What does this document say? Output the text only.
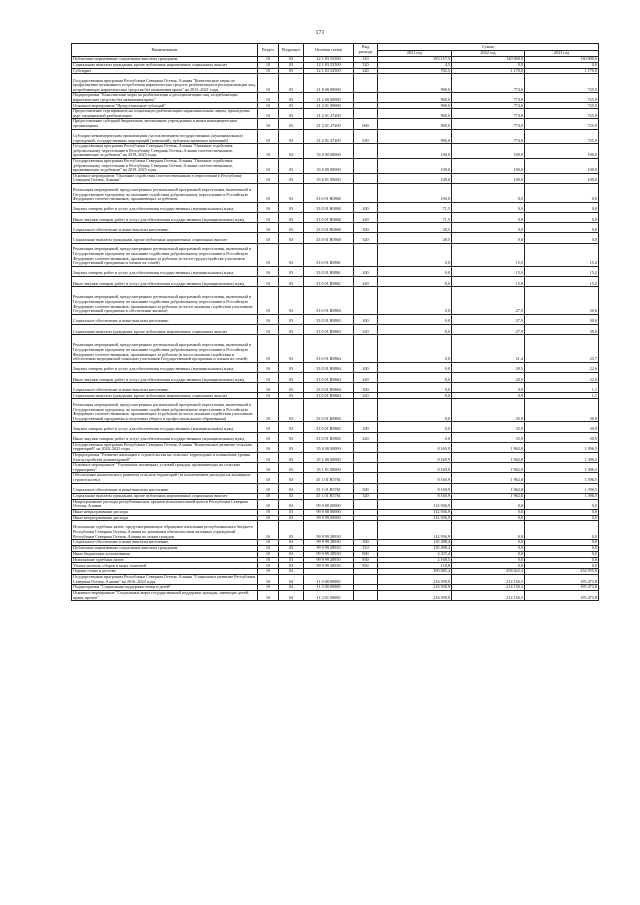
171
Наименование	Раздел	Подраздел	Целевая статья	Вид расхода	Сумма		
					2021 год	2022 год	2023 год
Публичные нормативные социальные выплаты гражданам	10	03	12 1 03 52500	310	183 157,3	140 000,0	130 000,0
Социальные выплаты гражданам, кроме публичных нормативных социальных выплат	10	03	12 1 03 52500	320	4,5	0,0	0,0
Субсидии	10	03	12 1 03 52500	240	702,5	1 170,0	1 170,0
Государственная программа Республики Северная Осетия–Алания "Комплексные меры по профилактике незаконного потребления наркотических средств, реабилитации и ресоциализации лиц, потребляющих наркотические средства без назначения врача" на 2015–2021 годы	10	03	21 0 00 00000		900,0	774,0	725,9
Подпрограмма "Комплексные меры по реабилитации и ресоциализации лиц, потребляющих наркотические средства без назначения врача"	10	03	21 2 00 00000		900,0	774,0	725,9
Основное мероприятие "Предоставление субсидий"	10	03	21 2 01 00000		900,0	774,0	725,9
Предоставление сертификатов на социальную реабилитацию наркозависимым лицам, прошедшим курс медицинской реабилитации	10	03	21 2 01 27200		900,0	774,0	725,9
Предоставление субсидий бюджетным, автономным учреждениям и иным некоммерческим организациям	10	03	21 2 01 27200	600	900,0	774,0	725,9
Субсидии некоммерческим организациям (за исключением государственных (муниципальных) учреждений, государственных корпораций (компаний), публично-правовых компаний)	10	03	21 2 01 27200	630	900,0	774,0	725,9
Государственная программа Республики Северная Осетия–Алания "Оказание содействия добровольному переселению в Республику Северная Осетия–Алания соотечественников, проживающих за рубежом" на 2019–2025 годы	10	03	33 0 00 00000		100,0	100,0	100,0
Государственная программа Республики Северная Осетия–Алания "Оказание содействия добровольному переселению в Республику Северная Осетия–Алания соотечественников, проживающих за рубежом" на 2019–2025 годы	10	03	33 0 00 00000		100,0	100,0	100,0
Основное мероприятие "Оказание содействия соотечественникам в переселении в Республику Северная Осетия–Алания"	10	03	33 0 01 00000		100,0	100,0	100,0
Реализация мероприятий, предусмотренных региональной программой переселения, включенной в Государственную программу по оказанию содействия добровольному переселению в Российскую Федерацию соотечественников, проживающих за рубежом	10	03	33 0 01 R0860		100,0	0,0	0,0
Закупка товаров, работ и услуг для обеспечения государственных (муниципальных) нужд	10	03	33 0 01 R0860	200	71,5	0,0	0,0
Иные закупки товаров, работ и услуг для обеспечения государственных (муниципальных) нужд	10	03	33 0 01 R0860	240	71,5	0,0	0,0
Социальное обеспечение и иные выплаты населению	10	03	33 0 01 R0860	300	28,5	0,0	0,0
Социальные выплаты гражданам, кроме публичных нормативных социальных выплат	10	03	33 0 01 R0860	320	28,5	0,0	0,0
Реализация мероприятий, предусмотренных региональной программой переселения, включенной в Государственную программу по оказанию содействия добровольному переселению в Российскую Федерацию соотечественников, проживающих за рубежом (в части трудоустройства участников Государственной программы и членов их семей)	10	03	33 0 01 R8861		0,0	15,0	15,2
Закупка товаров, работ и услуг для обеспечения государственных (муниципальных) нужд	10	03	33 0 01 R8861	200	0,0	15,0	15,2
Иные закупки товаров, работ и услуг для обеспечения государственных (муниципальных) нужд	10	03	33 0 01 R8861	240	0,0	15,0	15,2
Реализация мероприятий, предусмотренных региональной программой переселения, включенной в Государственную программу по оказанию содействия добровольному переселению в Российскую Федерацию соотечественников, проживающих за рубежом (в части оказания содействия участникам Государственной программы в обеспечении жильем)	10	03	33 0 01 R8863		0,0	27,9	30,6
Социальное обеспечение и иные выплаты населению	10	03	33 0 01 R8863	300	0,0	27,9	30,6
Социальные выплаты гражданам, кроме публичных нормативных социальных выплат	10	03	33 0 01 R8863	320	0,0	27,9	30,6
Реализация мероприятий, предусмотренных региональной программой переселения, включенной в Государственную программу по оказанию содействия добровольному переселению в Российскую Федерацию соотечественников, проживающих за рубежом (в части оказания содействия в обеспечении медицинской помощью участников Государственной программы и членов их семей)	10	03	33 0 01 R8864		0,0	21,4	23,7
Закупка товаров, работ и услуг для обеспечения государственных (муниципальных) нужд	10	03	33 0 01 R8864	200	0,0	20,5	22,6
Иные закупки товаров, работ и услуг для обеспечения государственных (муниципальных) нужд	10	03	33 0 01 R8864	240	0,0	20,5	22,6
Социальное обеспечение и иные выплаты населению	10	03	33 0 01 R8864	300	0,0	0,9	1,1
Социальные выплаты гражданам, кроме публичных нормативных социальных выплат	10	03	33 0 01 R8864	320	0,0	0,9	1,1
Реализация мероприятий, предусмотренных региональной программой переселения, включенной в Государственную программу по оказанию содействия добровольному переселению в Российскую Федерацию соотечественников, проживающих за рубежом (в части оказания содействия участникам Государственной программы в получении общего и профессионального образования)	10	03	33 0 01 R8865		0,0	35,9	30,9
Закупка товаров, работ и услуг для обеспечения государственных (муниципальных) нужд	10	03	33 0 01 R8865	200	0,0	35,9	30,9
Иные закупки товаров, работ и услуг для обеспечения государственных (муниципальных) нужд	10	03	33 0 01 R8865	240	0,0	35,9	30,9
Государственная программа Республики Северная Осетия–Алания "Комплексное развитие сельских территорий" на 2020–2025 годы	10	03	35 0 00 00000		8 160,9	1 962,8	1 396,5
Подпрограмма "Развитие жилищного строительства на сельских территориях и повышение уровня благоустройства домовладений"	10	03	35 1 00 00000		8 160,9	1 962,8	1 396,5
Основное мероприятие "Улучшение жилищных условий граждан, проживающих на сельских территориях"	10	03	35 1 01 00000		8 160,9	1 962,8	1 396,5
Обеспечение комплексного развития сельских территорий (за исключением расходов на жилищное строительство)	10	03	35 1 01 R5761		8 160,9	1 962,8	1 396,5
Социальное обеспечение и иные выплаты населению	10	03	35 1 01 R5761	300	8 160,9	1 962,8	1 396,5
Социальные выплаты гражданам, кроме публичных нормативных социальных выплат	10	03	35 1 01 R5761	320	8 160,9	1 962,8	1 396,5
Непрограммные расходы республиканских органов исполнительной власти Республики Северная Осетия–Алания	10	03	99 0 00 00000		112 936,9	0,0	0,0
Иные непрограммные расходы	10	03	99 9 00 00000		112 936,9	0,0	0,0
Иные непрограммные расходы	10	03	99 9 99 00000		112 936,9	0,0	0,0
Исполнение судебных актов, предусматривающих обращение взыскания республиканского бюджета Республики Северная Осетия–Алания по денежным обязательствам казенных учреждений Республики Северная Осетия–Алания по искам граждан	10	03	99 9 99 28930		112 936,9	0,0	0,0
Социальное обеспечение и иные выплаты населению	10	03	99 9 99 28930	300	110 498,4	0,0	0,0
Публичные нормативные социальные выплаты гражданам	10	03	99 9 99 28930	310	110 498,4	0,0	0,0
Иные бюджетные ассигнования	10	03	99 9 99 28930	800	2 337,4	0,0	0,0
Исполнение судебных актов	10	03	99 9 99 28930	830	2 168,5	0,0	0,0
Уплата налогов, сборов и иных платежей	10	03	99 9 99 28930	850	118,8	0,0	0,0
Охрана семьи и детства	10	04			290 685,4	258 622,4	254 955,8
Государственная программа Республики Северная Осетия–Алания "Социальное развитие Республики Северная Осетия–Алания" на 2016–2024 годы	10	04	11 0 00 00000		216 939,9	214 156,3	195 473,8
Подпрограмма "Социальная поддержка семьи и детей"	10	04	11 3 00 00000		216 939,9	214 156,3	195 473,8
Основное мероприятие "Социальные меры государственной поддержки граждан, имеющих детей, права–прочее"	10	04	11 3 01 00000		216 939,9	214 156,3	195 473,8
